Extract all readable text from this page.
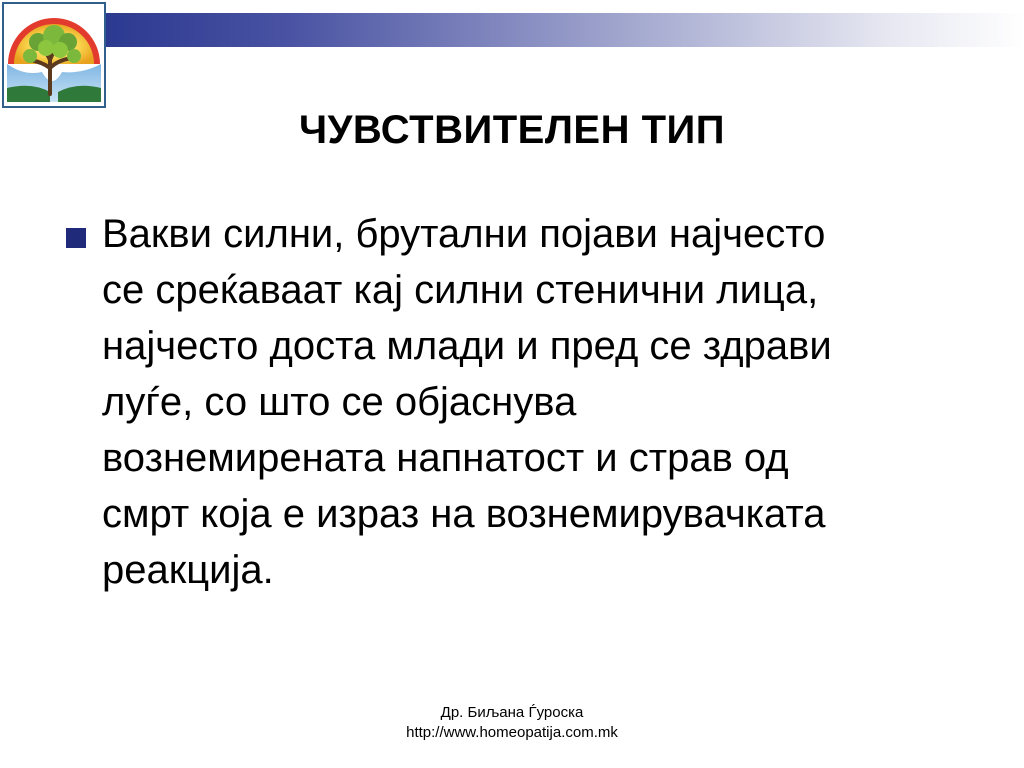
ЧУВСТВИТЕЛЕН ТИП
Вакви силни, брутални појави најчесто
се среќаваат кај силни стенични лица,
најчесто доста млади и пред се здрави
луѓе, со што се објаснува
вознемирената напнатост и страв од
смрт која е израз на вознемирувачката
реакција.
Др. Биљана Ѓуроска
http://www.homeopatija.com.mk
